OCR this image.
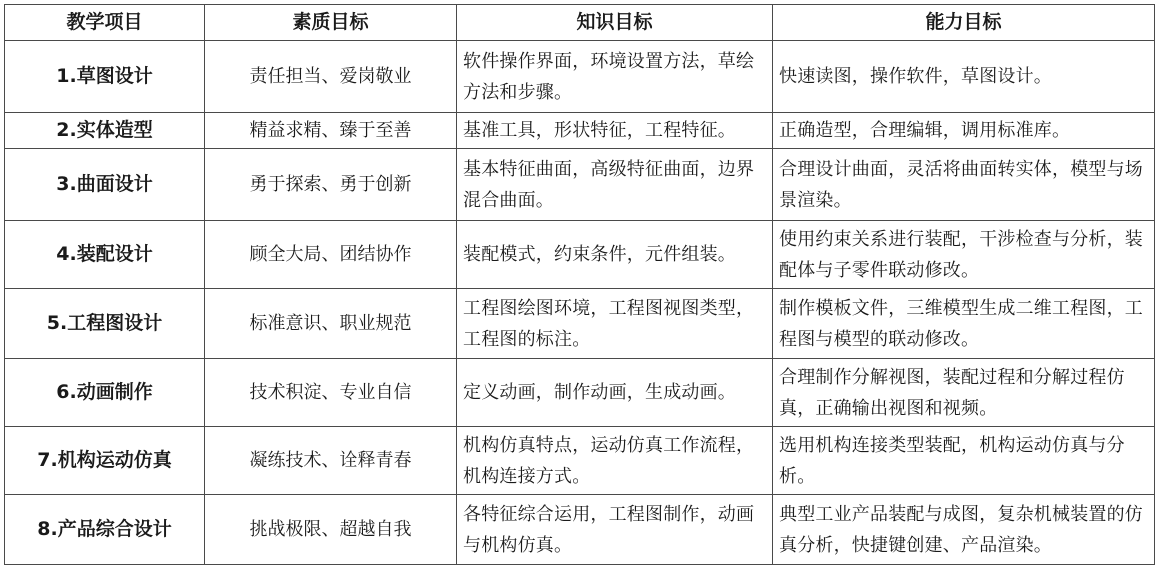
教学项目	素质目标	知识目标	能力目标
1.草图设计	责任担当、爱岗敬业	软件操作界面，环境设置方法，草绘方法和步骤。	快速读图，操作软件，草图设计。
2.实体造型	精益求精、臻于至善	基准工具，形状特征，工程特征。	正确造型，合理编辑，调用标准库。
3.曲面设计	勇于探索、勇于创新	基本特征曲面，高级特征曲面，边界混合曲面。	合理设计曲面，灵活将曲面转实体，模型与场景渲染。
4.装配设计	顾全大局、团结协作	装配模式，约束条件，元件组装。	使用约束关系进行装配，干涉检查与分析，装配体与子零件联动修改。
5.工程图设计	标准意识、职业规范	工程图绘图环境，工程图视图类型，工程图的标注。	制作模板文件，三维模型生成二维工程图，工程图与模型的联动修改。
6.动画制作	技术积淀、专业自信	定义动画，制作动画，生成动画。	合理制作分解视图，装配过程和分解过程仿真，正确输出视图和视频。
7.机构运动仿真	凝练技术、诠释青春	机构仿真特点，运动仿真工作流程，机构连接方式。	选用机构连接类型装配，机构运动仿真与分析。
8.产品综合设计	挑战极限、超越自我	各特征综合运用，工程图制作，动画与机构仿真。	典型工业产品装配与成图，复杂机械装置的仿真分析，快捷键创建、产品渲染。
